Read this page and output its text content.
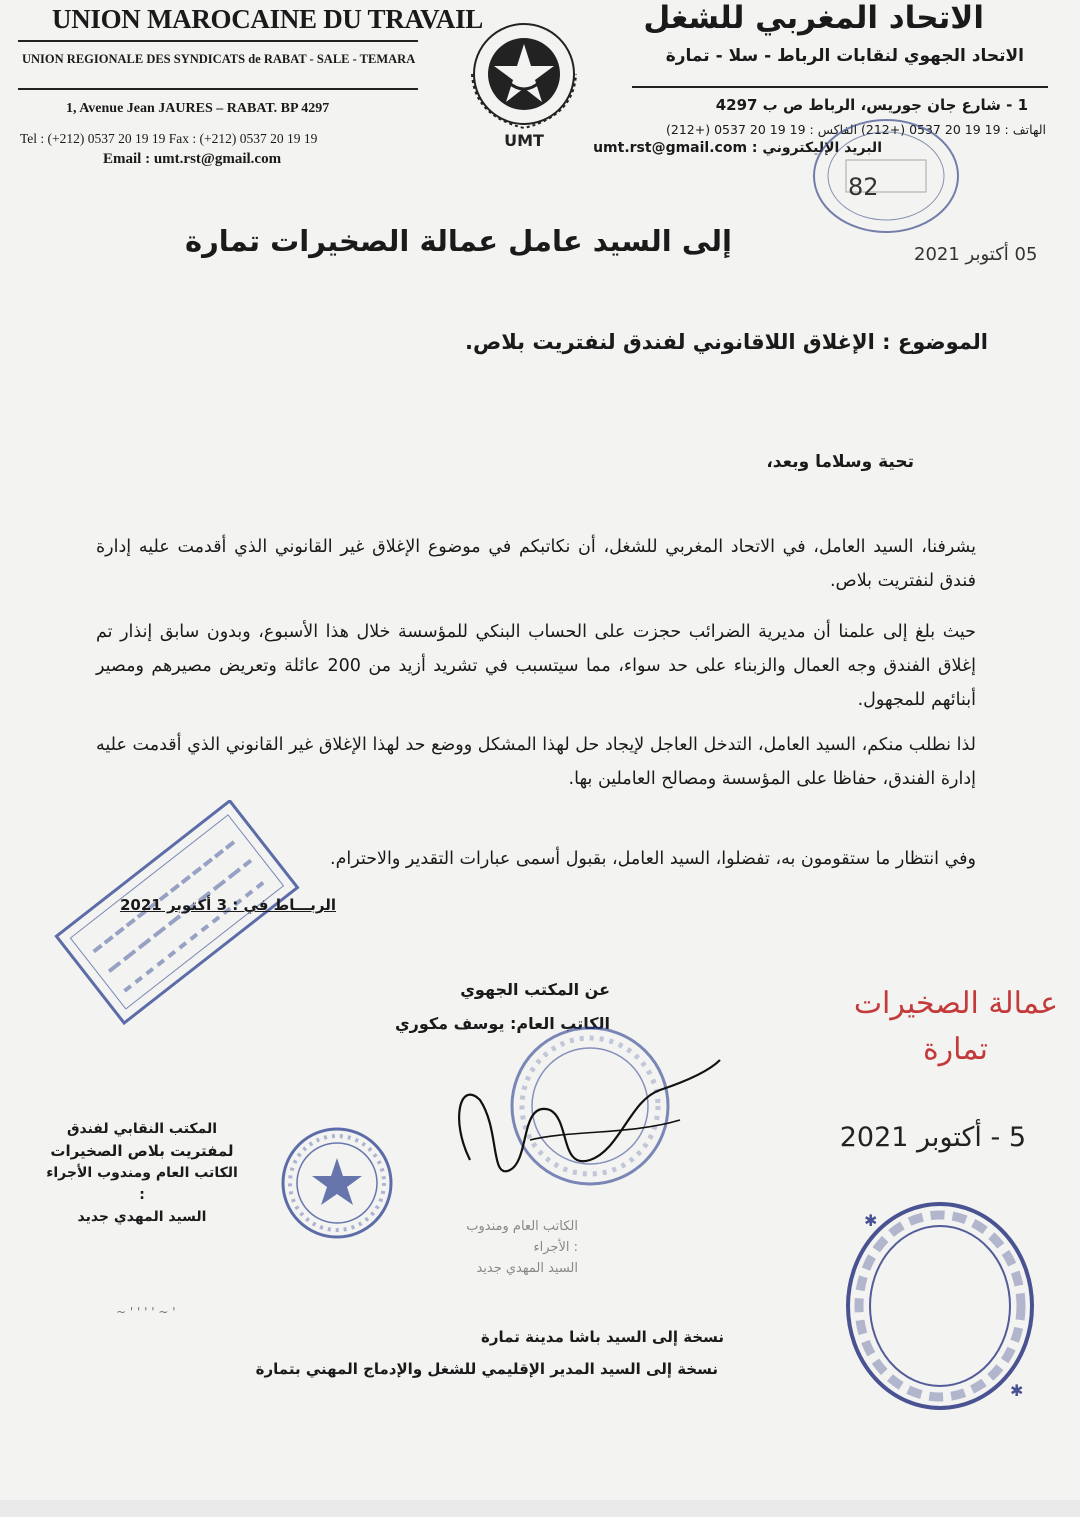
UNION MAROCAINE DU TRAVAIL
UNION REGIONALE DES SYNDICATS de RABAT - SALE - TEMARA
1, Avenue Jean JAURES – RABAT. BP 4297
Tel : (+212) 0537 20 19 19 Fax : (+212) 0537 20 19 19
Email : umt.rst@gmail.com
الاتحاد المغربي للشغل
الاتحاد الجهوي لنقابات الرباط - سلا - تمارة
1 - شارع جان جوريس، الرباط ص ب 4297
الهاتف : 19 19 20 0537 (+212) الفاكس : 19 19 20 0537 (+212)
البريد الإليكتروني : umt.rst@gmail.com
UMT
82
05 أكتوبر 2021
إلى السيد عامل عمالة الصخيرات تمارة
الموضوع : الإغلاق اللاقانوني لفندق لنفتريت بلاص.
تحية وسلاما وبعد،
يشرفنا، السيد العامل، في الاتحاد المغربي للشغل، أن نكاتبكم في موضوع الإغلاق غير القانوني الذي أقدمت عليه إدارة فندق لنفتريت بلاص.
حيث بلغ إلى علمنا أن مديرية الضرائب حجزت على الحساب البنكي للمؤسسة خلال هذا الأسبوع، وبدون سابق إنذار تم إغلاق الفندق وجه العمال والزبناء على حد سواء، مما سيتسبب في تشريد أزيد من 200 عائلة وتعريض مصيرهم ومصير أبنائهم للمجهول.
لذا نطلب منكم، السيد العامل، التدخل العاجل لإيجاد حل لهذا المشكل ووضع حد لهذا الإغلاق غير القانوني الذي أقدمت عليه إدارة الفندق، حفاظا على المؤسسة ومصالح العاملين بها.
وفي انتظار ما ستقومون به، تفضلوا، السيد العامل، بقبول أسمى عبارات التقدير والاحترام.
الربـــاط في : 3 أكتوبر 2021
عن المكتب الجهوي
الكاتب العام: يوسف مكوري
الكاتب العام ومندوب الأجراء :
السيد المهدي جديد
عمالة الصخيرات
تمارة
5 - أكتوبر 2021
المكتب النقابي لفندق
لمفتريت بلاص الصخيرات
الكاتب العام ومندوب الأجراء :
السيد المهدي جديد	✱
✱
~ ' ' ' ' ~ '
نسخة إلى السيد باشا مدينة تمارة
نسخة إلى السيد المدير الإقليمي للشغل والإدماج المهني بتمارة
